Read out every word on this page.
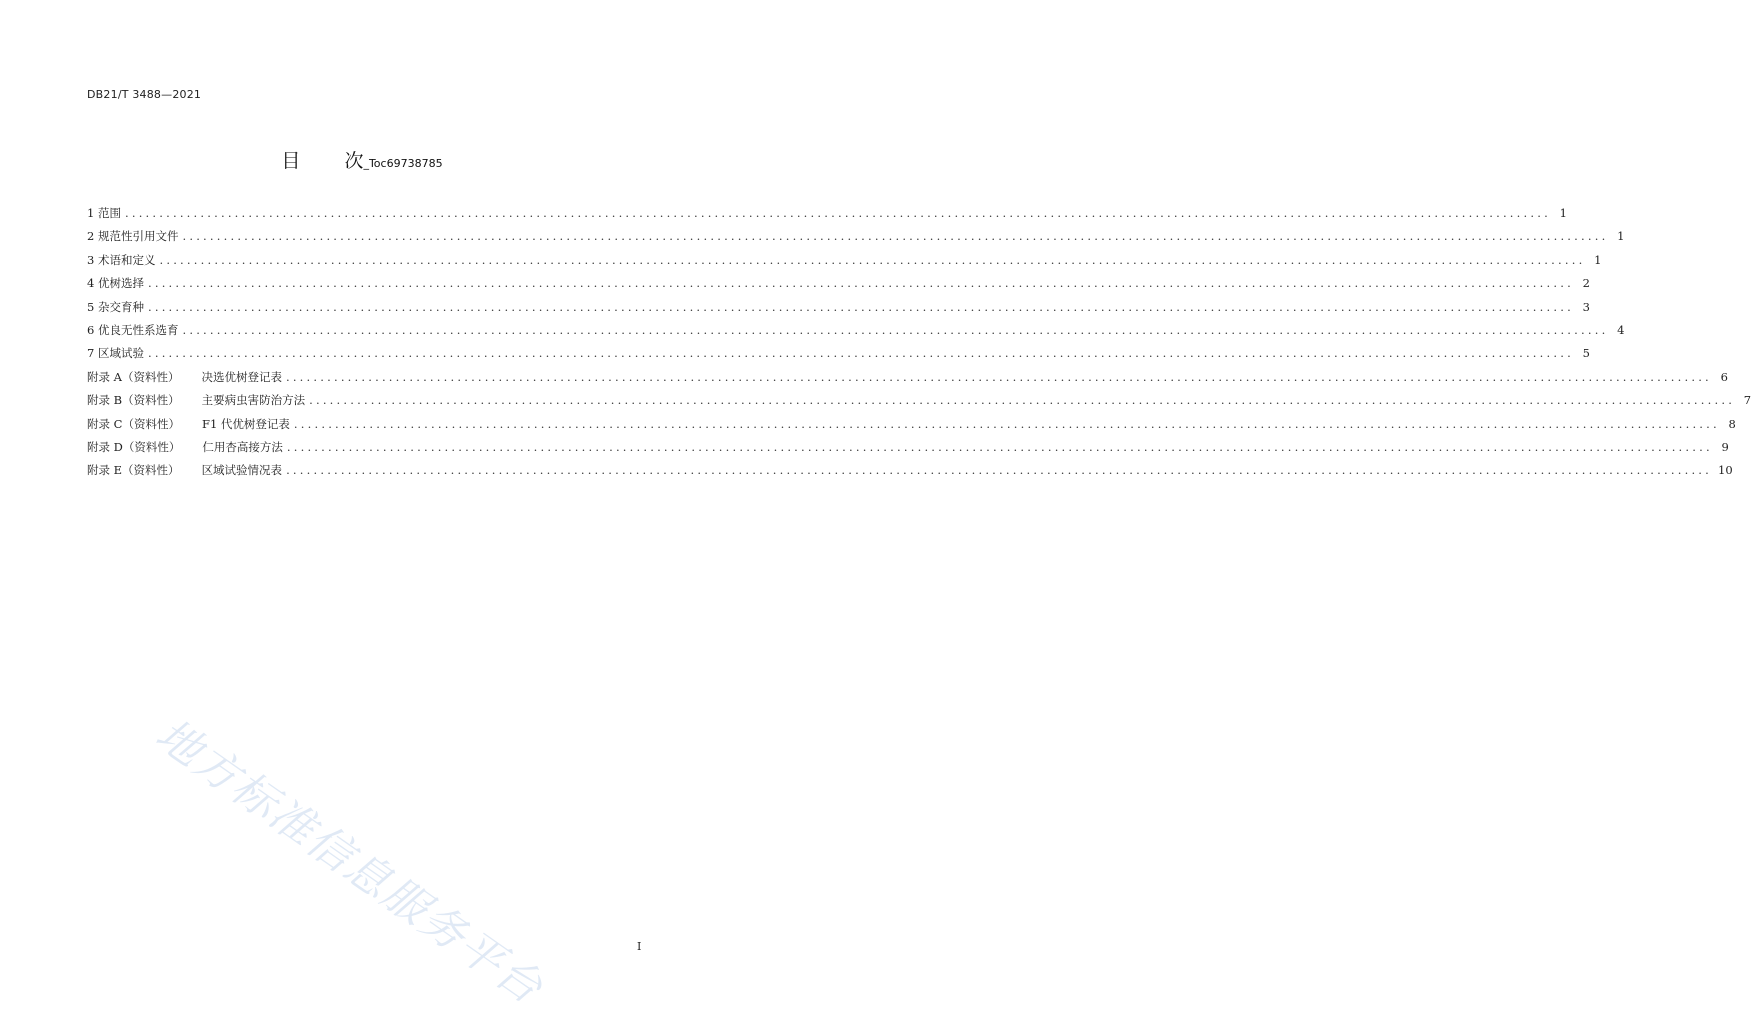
DB21/T 3488—2021
目 次_Toc69738785
1 范围 ................................................................................................................................................................................................................ 1
2 规范性引用文件 ................................................................................................................................................................................................................ 1
3 术语和定义 ................................................................................................................................................................................................................ 1
4 优树选择 ................................................................................................................................................................................................................ 2
5 杂交育种 ................................................................................................................................................................................................................ 3
6 优良无性系选育 ................................................................................................................................................................................................................ 4
7 区域试验 ................................................................................................................................................................................................................ 5
附录 A（资料性） 决选优树登记表 ................................................................................................................................................................................................................ 6
附录 B（资料性） 主要病虫害防治方法 ................................................................................................................................................................................................................ 7
附录 C（资料性） F1 代优树登记表 ................................................................................................................................................................................................................ 8
附录 D（资料性） 仁用杏高接方法 ................................................................................................................................................................................................................ 9
附录 E（资料性） 区域试验情况表 ................................................................................................................................................................................................................ 10
地方标准信息服务平台	I
